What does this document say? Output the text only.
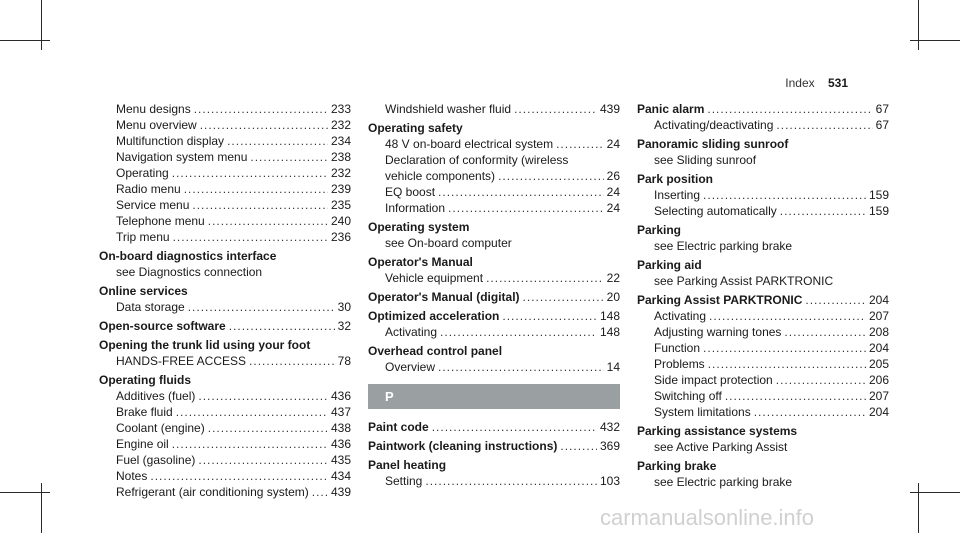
Index 531
Menu designs .....	233
Menu overview .....	232
Multifunction display .....	234
Navigation system menu .....	238
Operating .....	232
Radio menu .....	239
Service menu .....	235
Telephone menu .....	240
Trip menu .....	236
On-board diagnostics interface
see Diagnostics connection
Online services
Data storage .....	30
Open-source software .....	32
Opening the trunk lid using your foot
HANDS-FREE ACCESS .....	78
Operating fluids
Additives (fuel) .....	436
Brake fluid .....	437
Coolant (engine) .....	438
Engine oil .....	436
Fuel (gasoline) .....	435
Notes .....	434
Refrigerant (air conditioning system) ..... 439
Windshield washer fluid .....	439
Operating safety
48 V on-board electrical system .....	24
Declaration of conformity (wireless
vehicle components) .....	26
EQ boost .....	24
Information .....	24
Operating system
see On-board computer
Operator's Manual
Vehicle equipment .....	22
Operator's Manual (digital) .....	20
Optimized acceleration .....	148
Activating .....	148
Overhead control panel
Overview .....	14
P
Paint code .....	432
Paintwork (cleaning instructions) .....	369
Panel heating
Setting .....	103
Panic alarm .....	67
Activating/deactivating .....	67
Panoramic sliding sunroof
see Sliding sunroof
Park position
Inserting .....	159
Selecting automatically .....	159
Parking
see Electric parking brake
Parking aid
see Parking Assist PARKTRONIC
Parking Assist PARKTRONIC .....	204
Activating .....	207
Adjusting warning tones .....	208
Function .....	204
Problems .....	205
Side impact protection .....	206
Switching off .....	207
System limitations .....	204
Parking assistance systems
see Active Parking Assist
Parking brake
see Electric parking brake
carmanualsonline.info
